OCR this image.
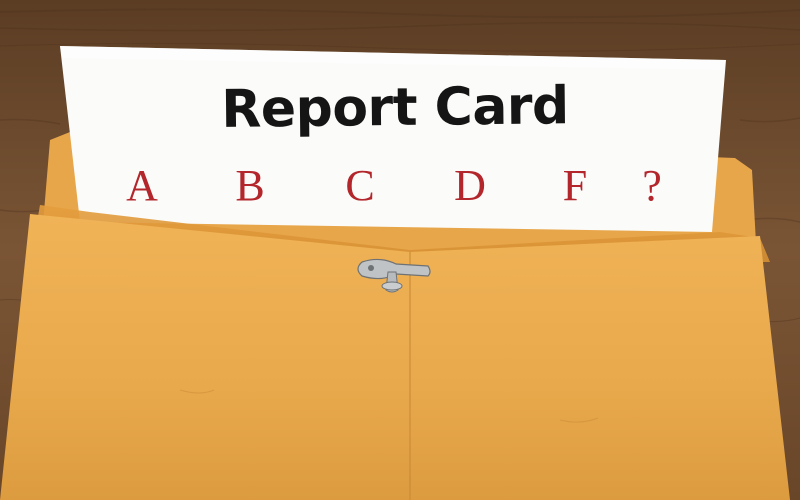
Report Card
A	B	C	D	F	?
